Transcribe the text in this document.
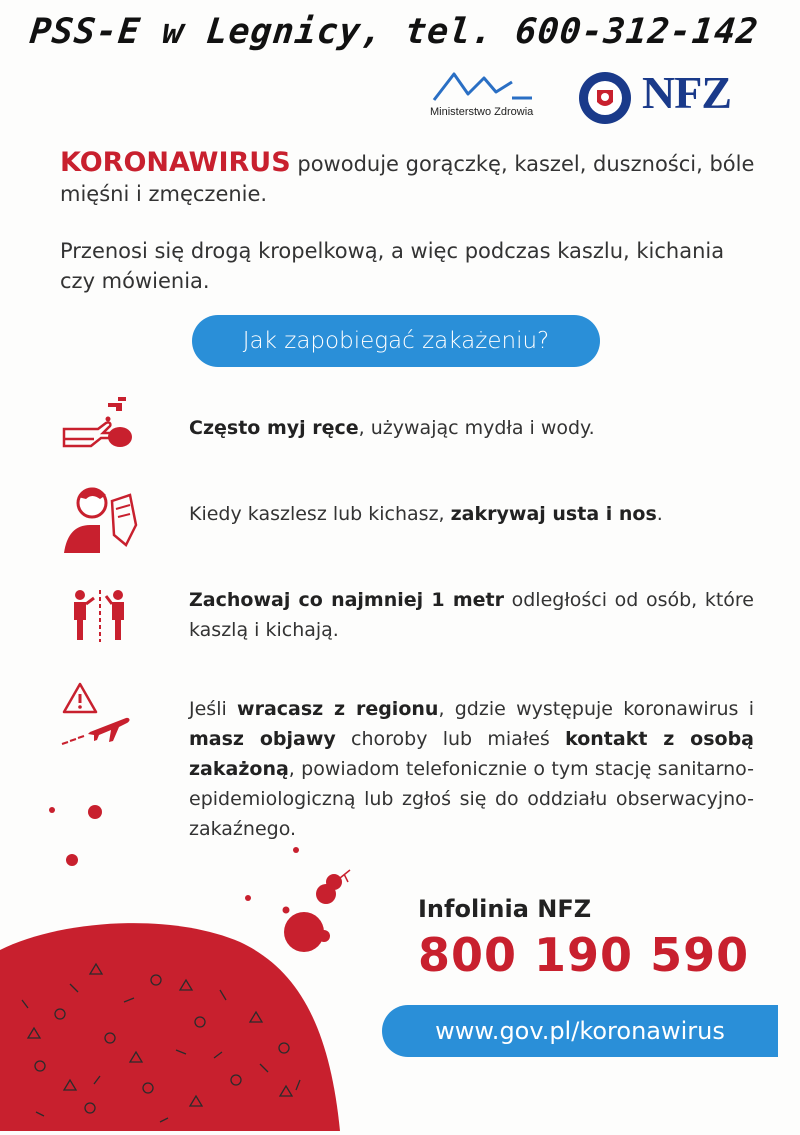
PSS-E w Legnicy, tel. 600-312-142
Ministerstwo Zdrowia NFZ
KORONAWIRUS powoduje gorączkę, kaszel, duszności, bóle mięśni i zmęczenie.
Przenosi się drogą kropelkową, a więc podczas kaszlu, kichania czy mówienia.
Jak zapobiegać zakażeniu?
Często myj ręce, używając mydła i wody.
Kiedy kaszlesz lub kichasz, zakrywaj usta i nos.
Zachowaj co najmniej 1 metr odległości od osób, które kaszlą i kichają.
Jeśli wracasz z regionu, gdzie występuje koronawirus i masz objawy choroby lub miałeś kontakt z osobą zakażoną, powiadom telefonicznie o tym stację sanitarno-epidemiologiczną lub zgłoś się do oddziału obserwacyjno-zakaźnego.
Infolinia NFZ
800 190 590
www.gov.pl/koronawirus
